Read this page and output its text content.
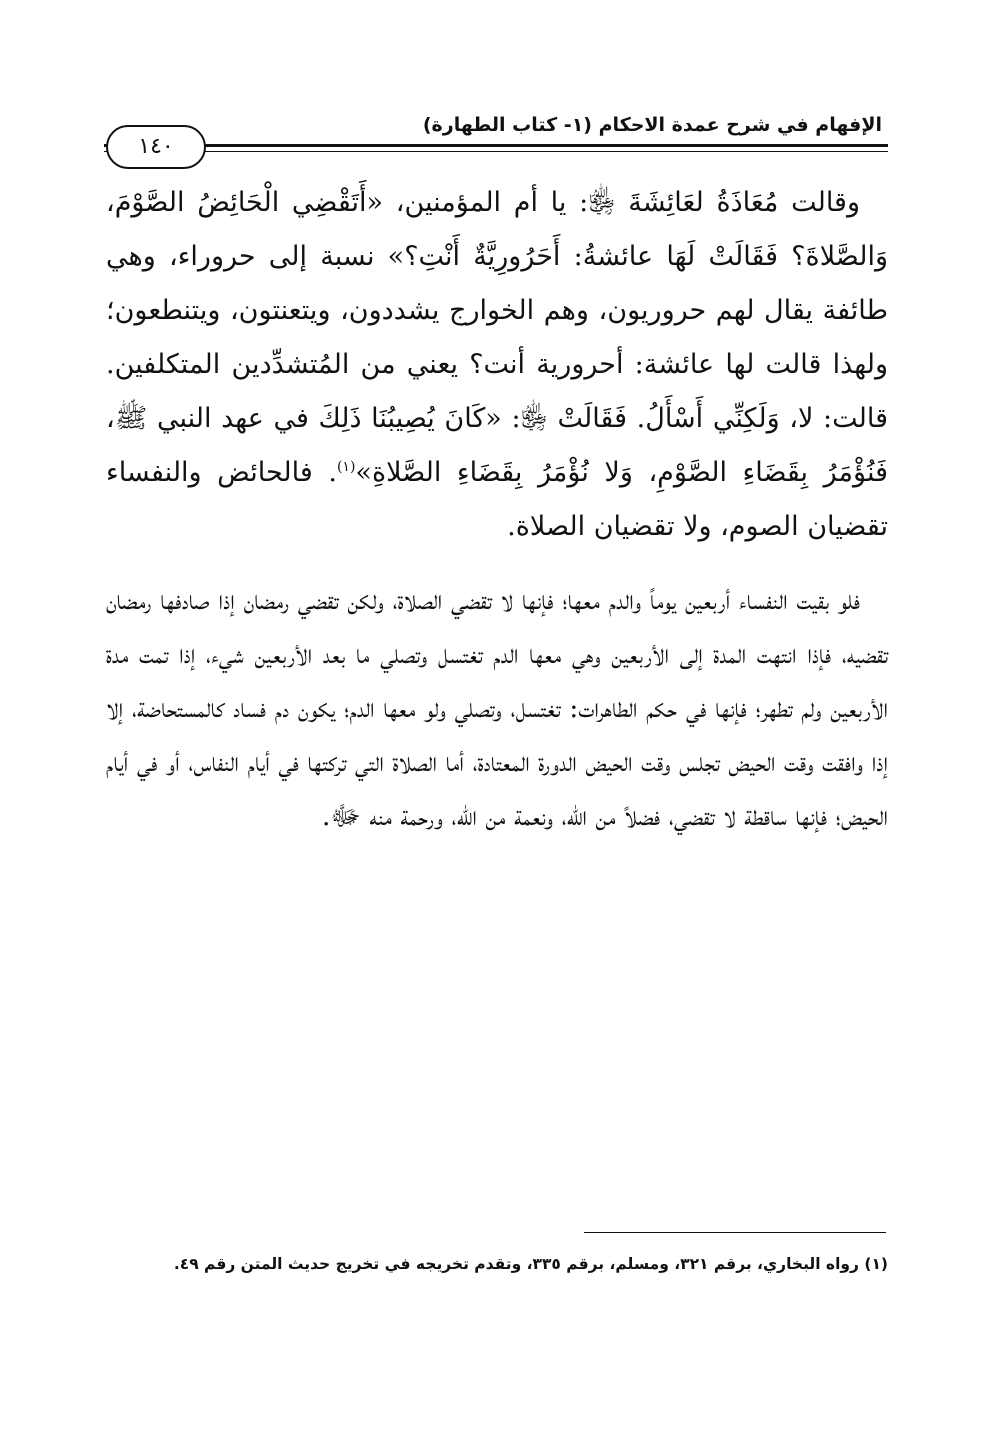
الإفهام في شرح عمدة الاحكام (١- كتاب الطهارة)
١٤٠

وقالت مُعَاذَةُ لعَائِشَةَ ﵂: يا أم المؤمنين، «أَتَقْضِي الْحَائِضُ الصَّوْمَ، وَالصَّلاةَ؟ فَقَالَتْ لَهَا عائشةُ: أَحَرُورِيَّةٌ أَنْتِ؟» نسبة إلى حروراء، وهي طائفة يقال لهم حروريون، وهم الخوارج يشددون، ويتعنتون، ويتنطعون؛ ولهذا قالت لها عائشة: أحرورية أنت؟ يعني من المُتشدِّدين المتكلفين. قالت: لا، وَلَكِنِّي أَسْأَلُ. فَقَالَتْ ﵂: «كَانَ يُصِيبُنَا ذَلِكَ في عهد النبي ﷺ، فَنُؤْمَرُ بِقَضَاءِ الصَّوْمِ، وَلا نُؤْمَرُ بِقَضَاءِ الصَّلاةِ»$^{(١)}$. فالحائض والنفساء تقضيان الصوم، ولا تقضيان الصلاة.

فلو بقيت النفساء أربعين يوماً والدم معها؛ فإنها لا تقضي الصلاة، ولكن تقضي رمضان إذا صادفها رمضان تقضيه، فإذا انتهت المدة إلى الأربعين وهي معها الدم تغتسل وتصلي ما بعد الأربعين شيء، إذا تمت مدة الأربعين ولم تطهر؛ فإنها في حكم الطاهرات: تغتسل، وتصلي ولو معها الدم؛ يكون دم فساد كالمستحاضة، إلا إذا وافقت وقت الحيض تجلس وقت الحيض الدورة المعتادة، أما الصلاة التي تركتها في أيام النفاس، أو في أيام الحيض؛ فإنها ساقطة لا تقضي، فضلاً من الله، ونعمة من الله، ورحمة منه ﷻ.

(١) رواه البخاري، برقم ٣٢١، ومسلم، برقم ٣٣٥، وتقدم تخريجه في تخريج حديث المتن رقم ٤٩.
